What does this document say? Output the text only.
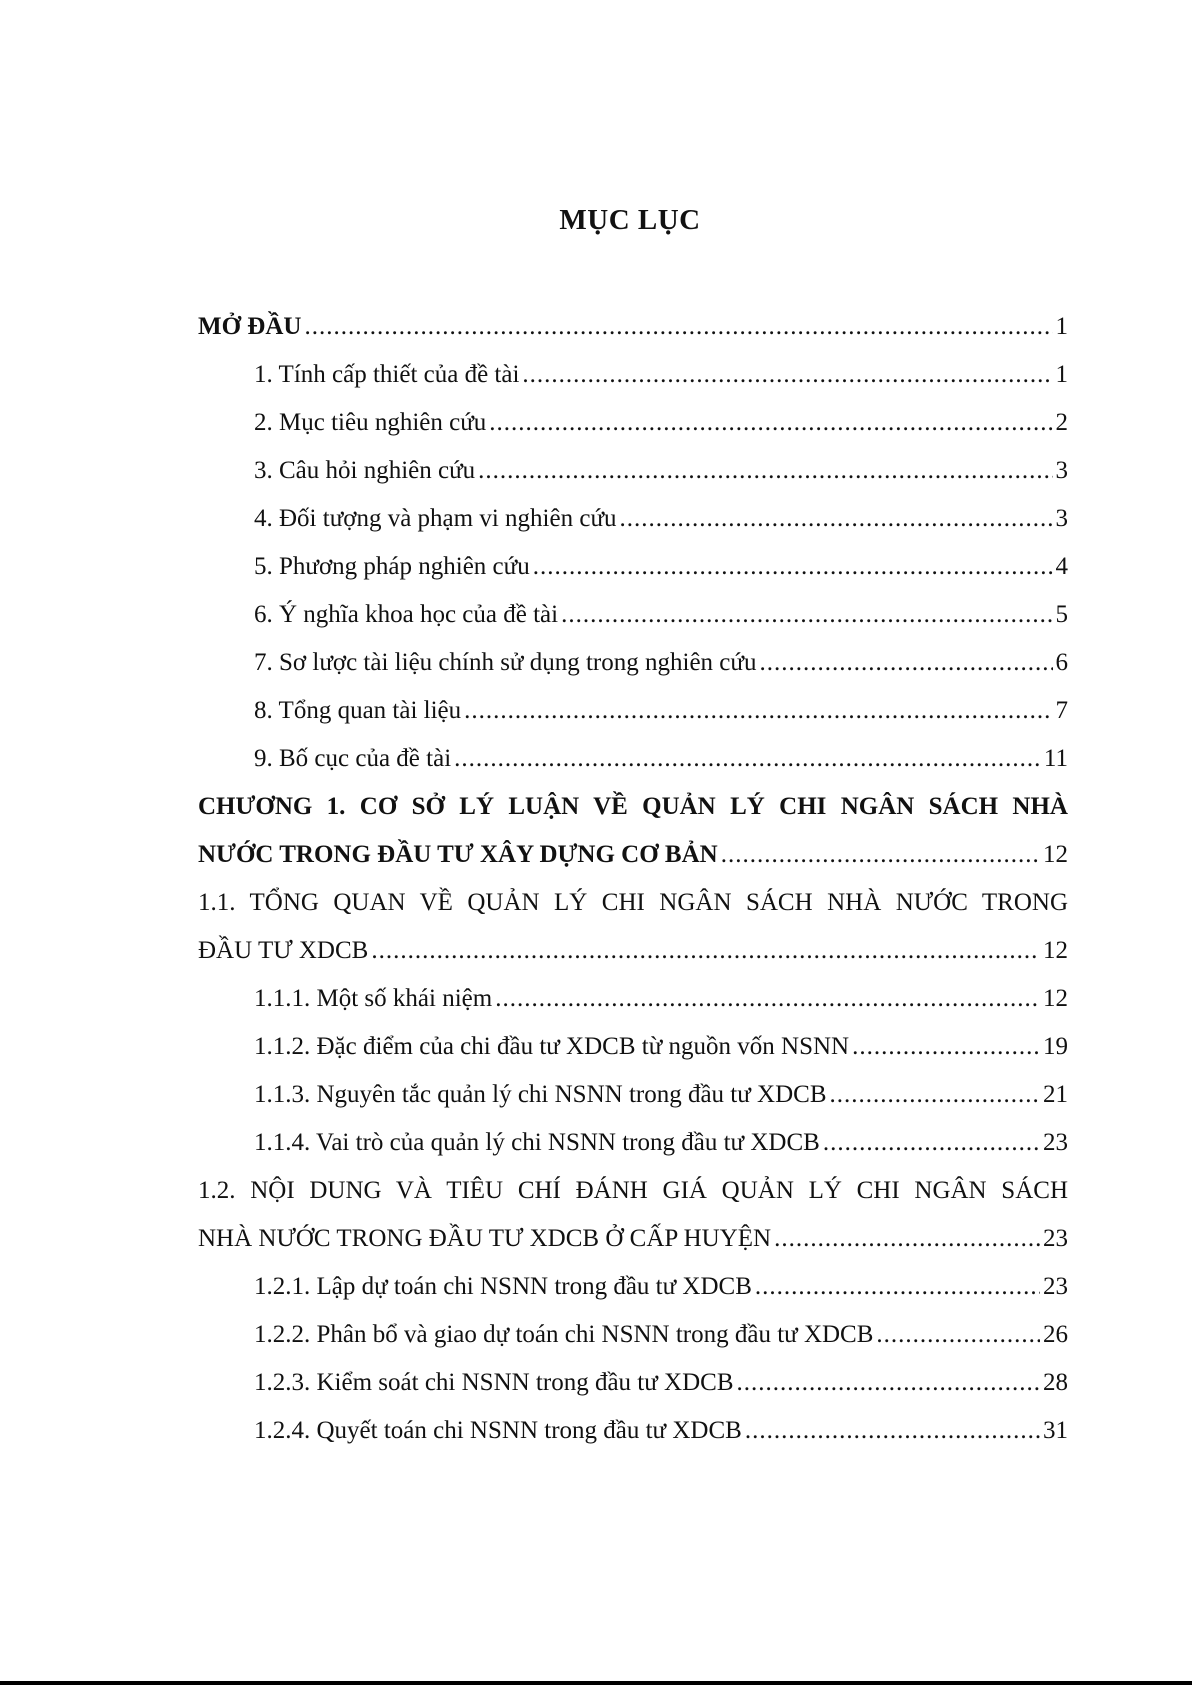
MỤC LỤC
MỞ ĐẦU .....	1
1. Tính cấp thiết của đề tài .....	1
2. Mục tiêu nghiên cứu .....	2
3. Câu hỏi nghiên cứu .....	3
4. Đối tượng và phạm vi nghiên cứu .....	3
5. Phương pháp nghiên cứu .....	4
6. Ý nghĩa khoa học của đề tài .....	5
7. Sơ lược tài liệu chính sử dụng trong nghiên cứu .....	6
8. Tổng quan tài liệu .....	7
9. Bố cục của đề tài .....	11
CHƯƠNG 1. CƠ SỞ LÝ LUẬN VỀ QUẢN LÝ CHI NGÂN SÁCH NHÀ
NƯỚC TRONG ĐẦU TƯ XÂY DỰNG CƠ BẢN .....	12
1.1. TỔNG QUAN VỀ QUẢN LÝ CHI NGÂN SÁCH NHÀ NƯỚC TRONG
ĐẦU TƯ XDCB .....	12
1.1.1. Một số khái niệm .....	12
1.1.2. Đặc điểm của chi đầu tư XDCB từ nguồn vốn NSNN .....	19
1.1.3. Nguyên tắc quản lý chi NSNN trong đầu tư XDCB .....	21
1.1.4. Vai trò của quản lý chi NSNN trong đầu tư XDCB .....	23
1.2. NỘI DUNG VÀ TIÊU CHÍ ĐÁNH GIÁ QUẢN LÝ CHI NGÂN SÁCH
NHÀ NƯỚC TRONG ĐẦU TƯ XDCB Ở CẤP HUYỆN .....	23
1.2.1. Lập dự toán chi NSNN trong đầu tư XDCB .....	23
1.2.2. Phân bổ và giao dự toán chi NSNN trong đầu tư XDCB .....	26
1.2.3. Kiểm soát chi NSNN trong đầu tư XDCB .....	28
1.2.4. Quyết toán chi NSNN trong đầu tư XDCB .....	31
